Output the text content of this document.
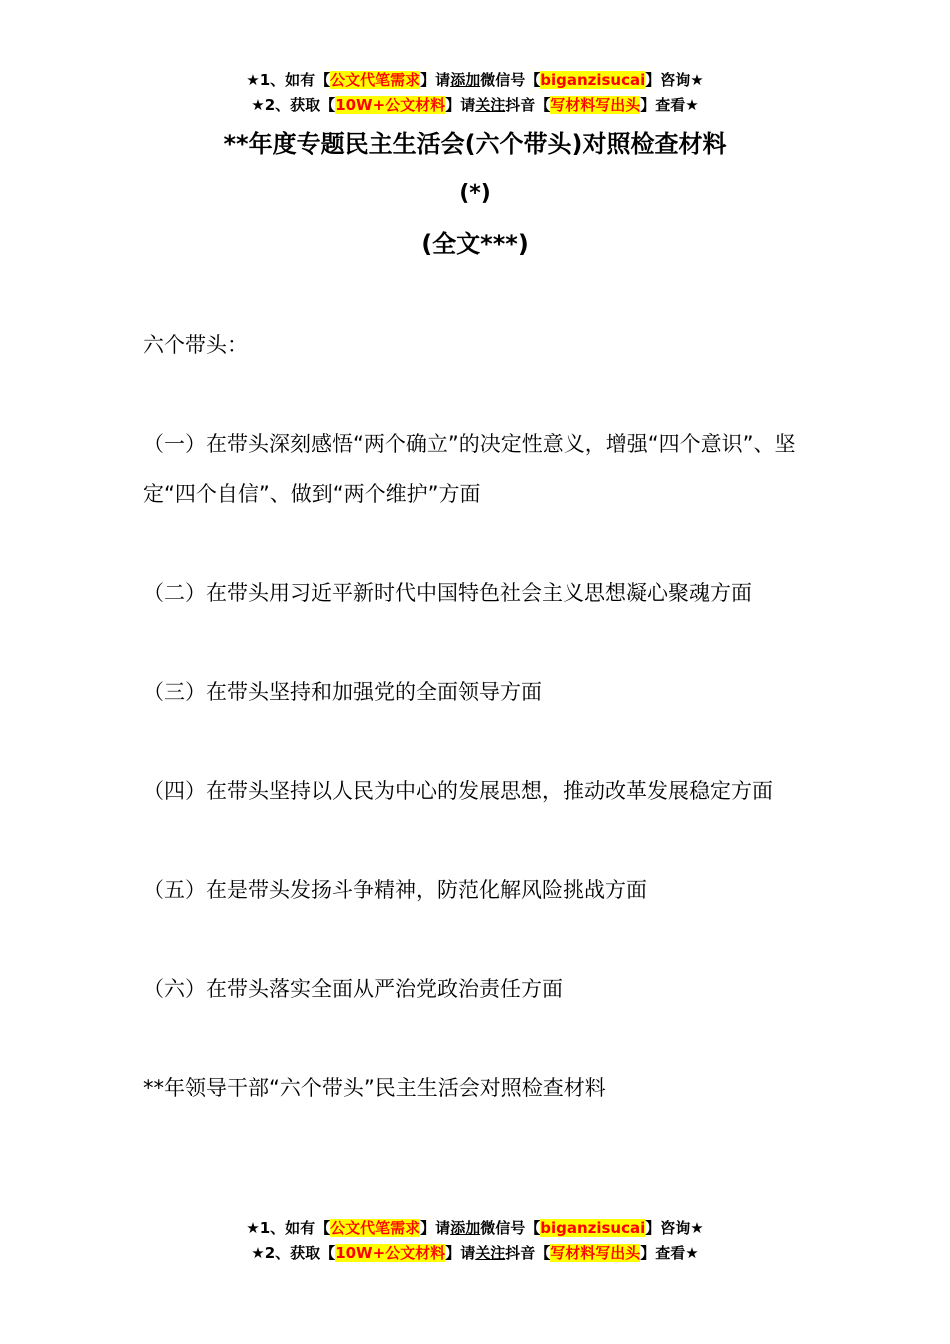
★1、如有【公文代笔需求】请添加微信号【biganzisucai】咨询★
★2、获取【10W+公文材料】请关注抖音【写材料写出头】查看★
**年度专题民主生活会(六个带头)对照检查材料
(*)
(全文***)

六个带头：

（一）在带头深刻感悟“两个确立”的决定性意义，增强“四个意识”、坚定“四个自信”、做到“两个维护”方面

（二）在带头用习近平新时代中国特色社会主义思想凝心聚魂方面

（三）在带头坚持和加强党的全面领导方面

（四）在带头坚持以人民为中心的发展思想，推动改革发展稳定方面

（五）在是带头发扬斗争精神，防范化解风险挑战方面

（六）在带头落实全面从严治党政治责任方面

**年领导干部“六个带头”民主生活会对照检查材料

★1、如有【公文代笔需求】请添加微信号【biganzisucai】咨询★
★2、获取【10W+公文材料】请关注抖音【写材料写出头】查看★
